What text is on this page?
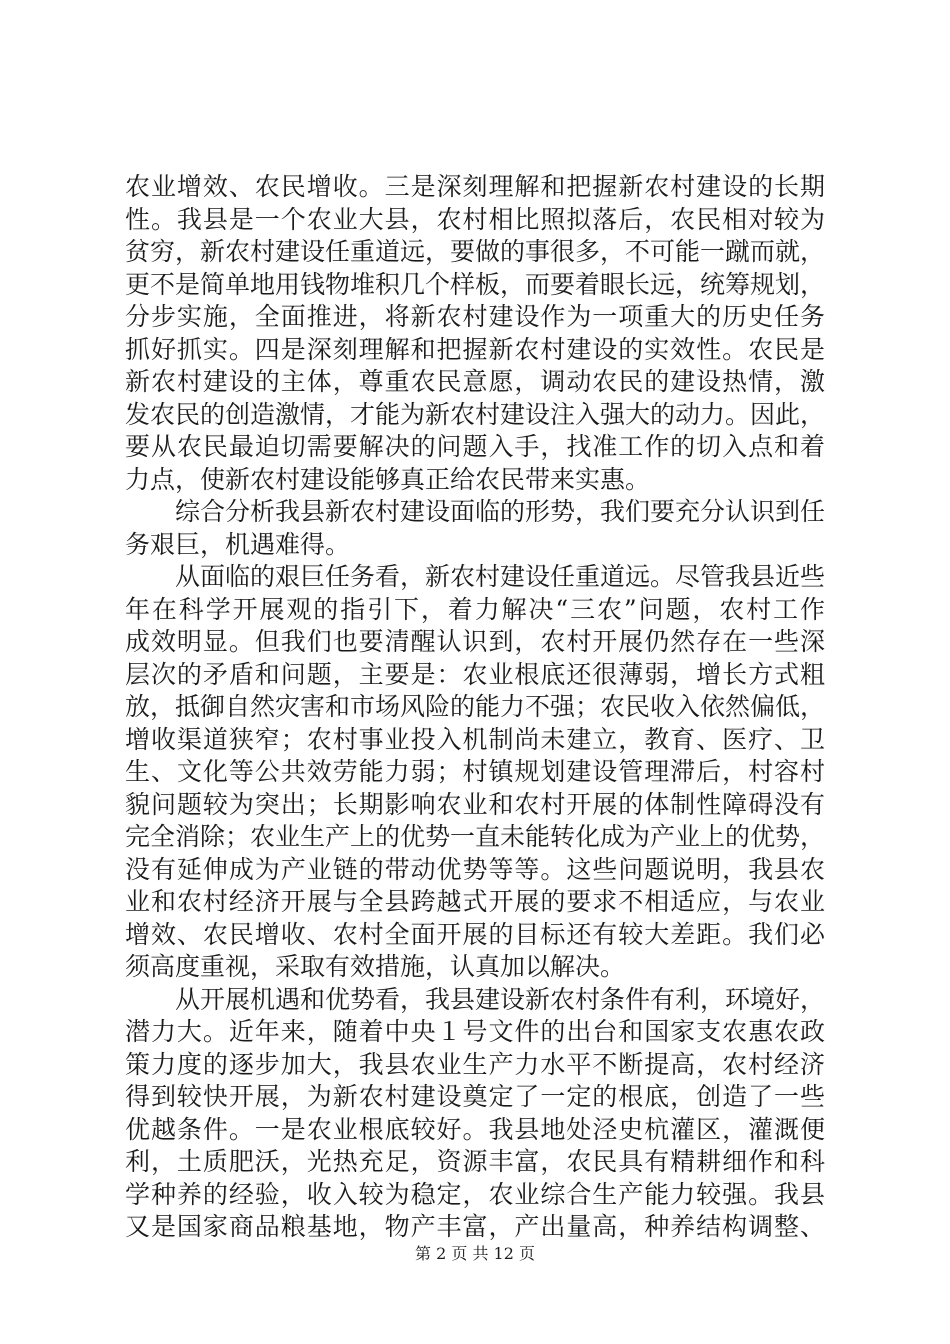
农业增效、农民增收。三是深刻理解和把握新农村建设的长期
性。我县是一个农业大县，农村相比照拟落后，农民相对较为
贫穷，新农村建设任重道远，要做的事很多，不可能一蹴而就，
更不是简单地用钱物堆积几个样板，而要着眼长远，统筹规划，
分步实施，全面推进，将新农村建设作为一项重大的历史任务
抓好抓实。四是深刻理解和把握新农村建设的实效性。农民是
新农村建设的主体，尊重农民意愿，调动农民的建设热情，激
发农民的创造激情，才能为新农村建设注入强大的动力。因此，
要从农民最迫切需要解决的问题入手，找准工作的切入点和着
力点，使新农村建设能够真正给农民带来实惠。
综合分析我县新农村建设面临的形势，我们要充分认识到任
务艰巨，机遇难得。
从面临的艰巨任务看，新农村建设任重道远。尽管我县近些
年在科学开展观的指引下，着力解决“三农”问题，农村工作
成效明显。但我们也要清醒认识到，农村开展仍然存在一些深
层次的矛盾和问题，主要是：农业根底还很薄弱，增长方式粗
放，抵御自然灾害和市场风险的能力不强；农民收入依然偏低，
增收渠道狭窄；农村事业投入机制尚未建立，教育、医疗、卫
生、文化等公共效劳能力弱；村镇规划建设管理滞后，村容村
貌问题较为突出；长期影响农业和农村开展的体制性障碍没有
完全消除；农业生产上的优势一直未能转化成为产业上的优势，
没有延伸成为产业链的带动优势等等。这些问题说明，我县农
业和农村经济开展与全县跨越式开展的要求不相适应，与农业
增效、农民增收、农村全面开展的目标还有较大差距。我们必
须高度重视，采取有效措施，认真加以解决。
从开展机遇和优势看，我县建设新农村条件有利，环境好，
潜力大。近年来，随着中央１号文件的出台和国家支农惠农政
策力度的逐步加大，我县农业生产力水平不断提高，农村经济
得到较快开展，为新农村建设奠定了一定的根底，创造了一些
优越条件。一是农业根底较好。我县地处泾史杭灌区，灌溉便
利，土质肥沃，光热充足，资源丰富，农民具有精耕细作和科
学种养的经验，收入较为稳定，农业综合生产能力较强。我县
又是国家商品粮基地，物产丰富，产出量高，种养结构调整、
第 2 页 共 12 页
